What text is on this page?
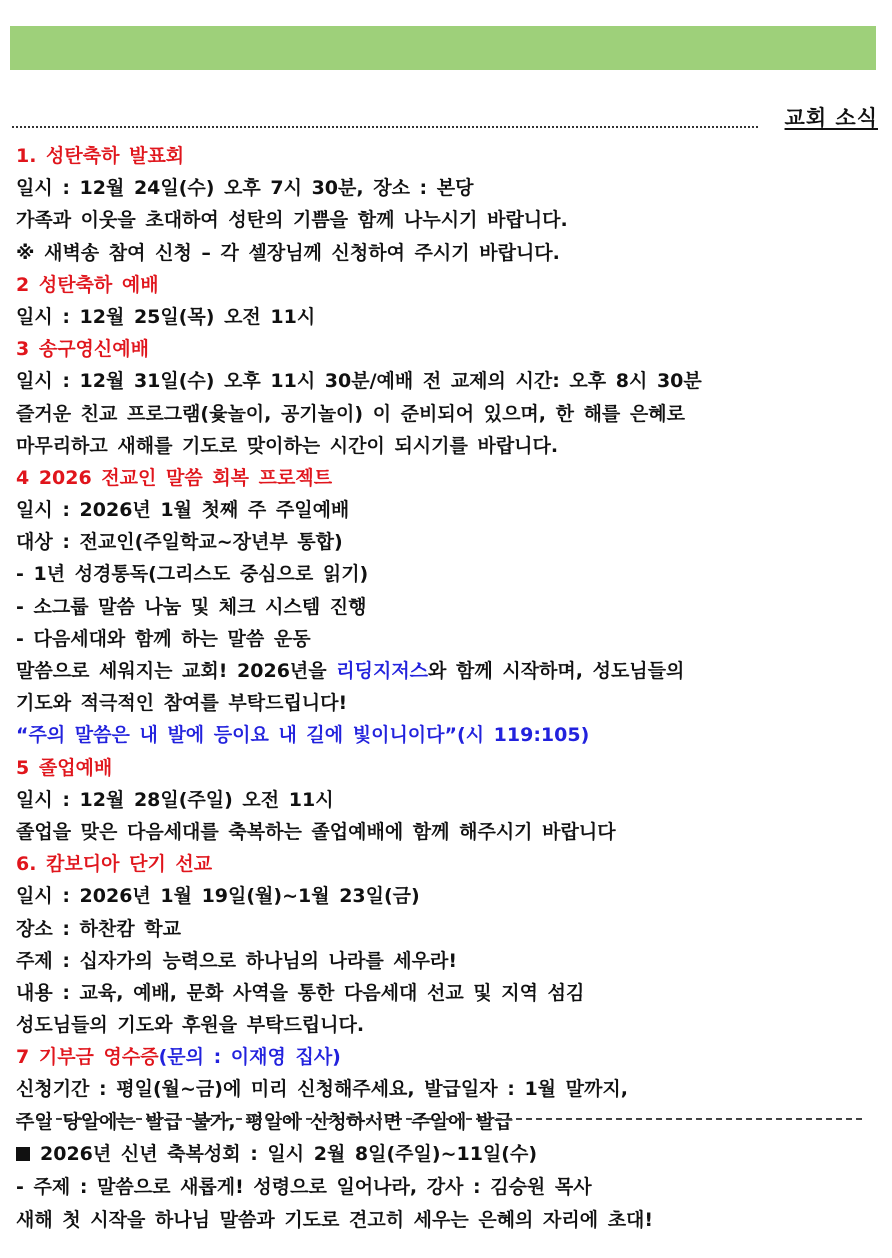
교회 소식
1. 성탄축하 발표회
일시 : 12월 24일(수) 오후 7시 30분, 장소 : 본당
가족과 이웃을 초대하여 성탄의 기쁨을 함께 나누시기 바랍니다.
※ 새벽송 참여 신청 – 각 셀장님께 신청하여 주시기 바랍니다.
2 성탄축하 예배
일시 : 12월 25일(목) 오전 11시
3 송구영신예배
일시 : 12월 31일(수) 오후 11시 30분/예배 전 교제의 시간: 오후 8시 30분
즐거운 친교 프로그램(윷놀이, 공기놀이) 이 준비되어 있으며, 한 해를 은혜로
마무리하고 새해를 기도로 맞이하는 시간이 되시기를 바랍니다.
4 2026 전교인 말씀 회복 프로젝트
일시 : 2026년 1월 첫째 주 주일예배
대상 : 전교인(주일학교~장년부 통합)
- 1년 성경통독(그리스도 중심으로 읽기)
- 소그룹 말씀 나눔 및 체크 시스템 진행
- 다음세대와 함께 하는 말씀 운동
말씀으로 세워지는 교회! 2026년을 리딩지저스와 함께 시작하며, 성도님들의
기도와 적극적인 참여를 부탁드립니다!
“주의 말씀은 내 발에 등이요 내 길에 빛이니이다”(시 119:105)
5 졸업예배
일시 : 12월 28일(주일) 오전 11시
졸업을 맞은 다음세대를 축복하는 졸업예배에 함께 해주시기 바랍니다
6. 캄보디아 단기 선교
일시 : 2026년 1월 19일(월)~1월 23일(금)
장소 : 하찬캄 학교
주제 : 십자가의 능력으로 하나님의 나라를 세우라!
내용 : 교육, 예배, 문화 사역을 통한 다음세대 선교 및 지역 섬김
성도님들의 기도와 후원을 부탁드립니다.
7 기부금 영수증(문의 : 이재영 집사)
신청기간 : 평일(월~금)에 미리 신청해주세요, 발급일자 : 1월 말까지,
주일 당일에는 발급 불가, 평일에 신청하시면 주일에 발급
2026년 신년 축복성회 : 일시 2월 8일(주일)~11일(수)
- 주제 : 말씀으로 새롭게! 성령으로 일어나라, 강사 : 김승원 목사
새해 첫 시작을 하나님 말씀과 기도로 견고히 세우는 은혜의 자리에 초대!
